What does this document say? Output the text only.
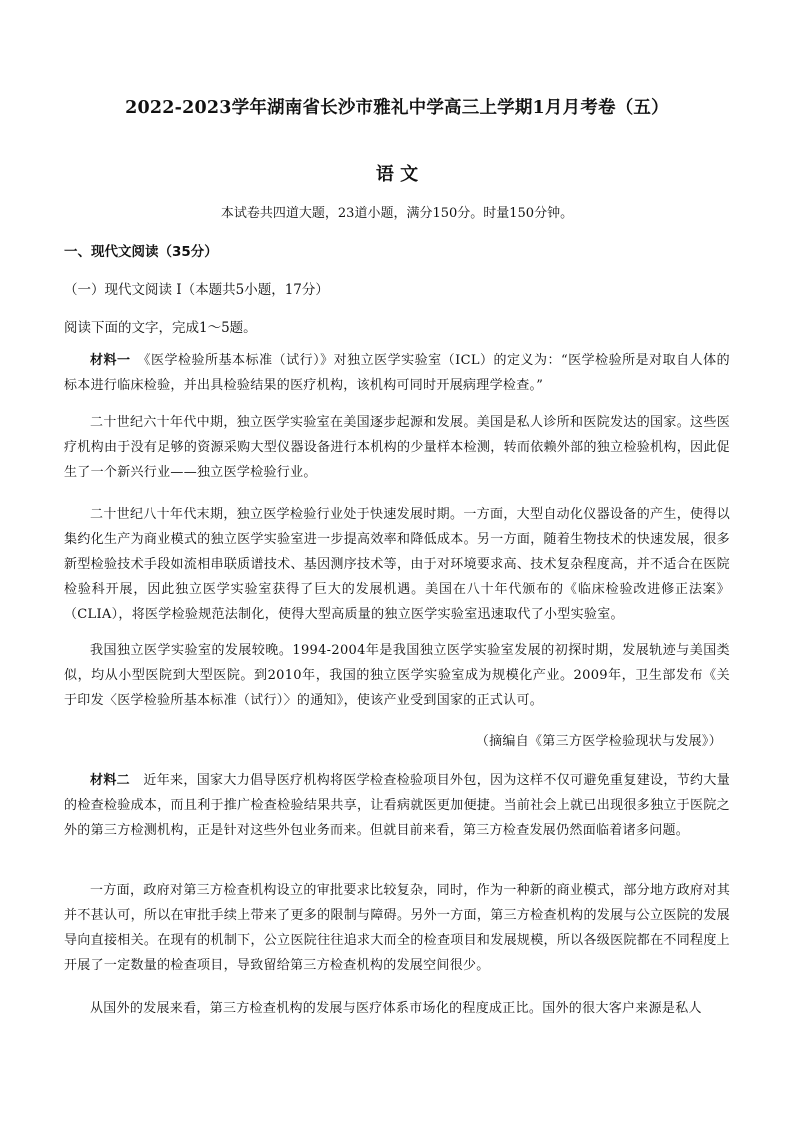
2022-2023学年湖南省长沙市雅礼中学高三上学期1月月考卷（五）
语 文
本试卷共四道大题，23道小题，满分150分。时量150分钟。
一、现代文阅读（35分）
（一）现代文阅读 I（本题共5小题，17分）
阅读下面的文字，完成1～5题。

材料一　 《医学检验所基本标准（试行）》对独立医学实验室（ICL）的定义为：“医学检验所是对取自人体的标本进行临床检验，并出具检验结果的医疗机构，该机构可同时开展病理学检查。”

二十世纪六十年代中期，独立医学实验室在美国逐步起源和发展。美国是私人诊所和医院发达的国家。这些医疗机构由于没有足够的资源采购大型仪器设备进行本机构的少量样本检测，转而依赖外部的独立检验机构，因此促生了一个新兴行业——独立医学检验行业。

二十世纪八十年代末期，独立医学检验行业处于快速发展时期。一方面，大型自动化仪器设备的产生，使得以集约化生产为商业模式的独立医学实验室进一步提高效率和降低成本。另一方面，随着生物技术的快速发展，很多新型检验技术手段如流相串联质谱技术、基因测序技术等，由于对环境要求高、技术复杂程度高，并不适合在医院检验科开展，因此独立医学实验室获得了巨大的发展机遇。美国在八十年代颁布的《临床检验改进修正法案》（CLIA），将医学检验规范法制化，使得大型高质量的独立医学实验室迅速取代了小型实验室。

我国独立医学实验室的发展较晚。1994-2004年是我国独立医学实验室发展的初探时期，发展轨迹与美国类似，均从小型医院到大型医院。到2010年，我国的独立医学实验室成为规模化产业。2009年，卫生部发布《关于印发〈医学检验所基本标准（试行）〉的通知》，使该产业受到国家的正式认可。

（摘编自《第三方医学检验现状与发展》）

材料二　 近年来，国家大力倡导医疗机构将医学检查检验项目外包，因为这样不仅可避免重复建设，节约大量的检查检验成本，而且利于推广检查检验结果共享，让看病就医更加便捷。当前社会上就已出现很多独立于医院之外的第三方检测机构，正是针对这些外包业务而来。但就目前来看，第三方检查发展仍然面临着诸多问题。

一方面，政府对第三方检查机构设立的审批要求比较复杂，同时，作为一种新的商业模式，部分地方政府对其并不甚认可，所以在审批手续上带来了更多的限制与障碍。另外一方面，第三方检查机构的发展与公立医院的发展导向直接相关。在现有的机制下，公立医院往往追求大而全的检查项目和发展规模，所以各级医院都在不同程度上开展了一定数量的检查项目，导致留给第三方检查机构的发展空间很少。

从国外的发展来看，第三方检查机构的发展与医疗体系市场化的程度成正比。国外的很大客户来源是私人
